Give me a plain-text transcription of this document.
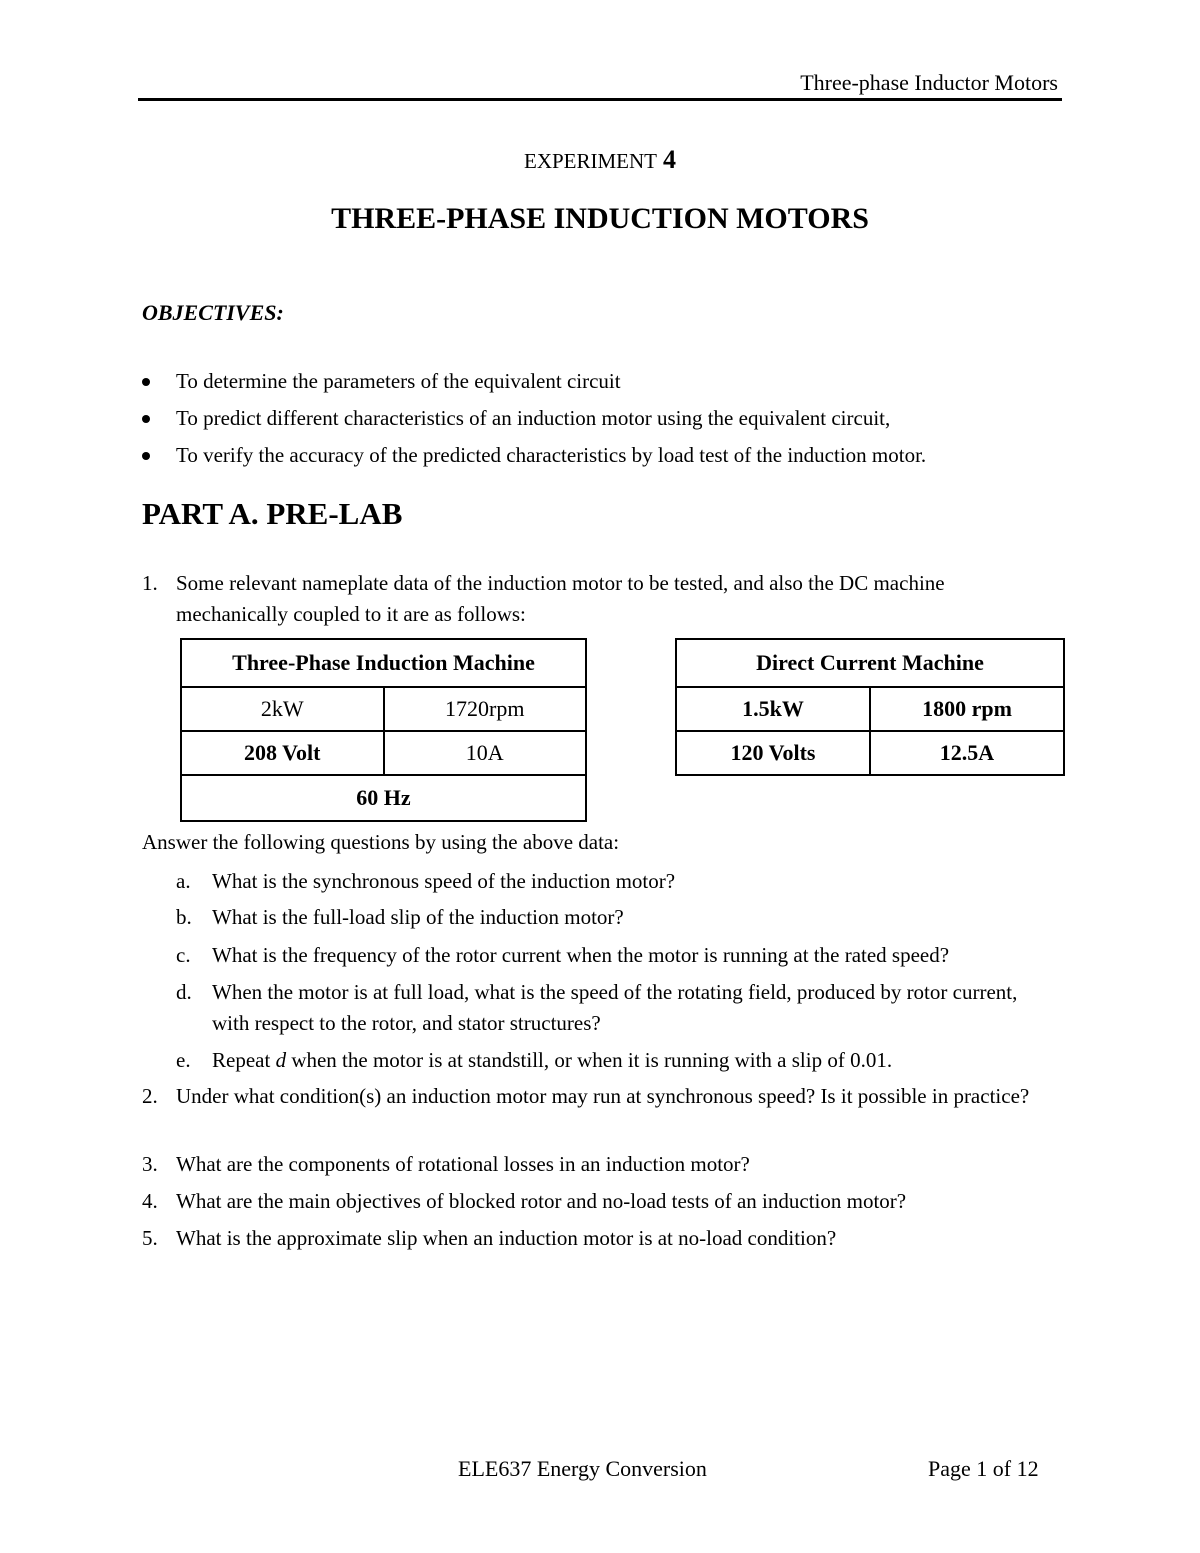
Three-phase Inductor Motors
EXPERIMENT 4
THREE-PHASE INDUCTION MOTORS
OBJECTIVES:
To determine the parameters of the equivalent circuit
To predict different characteristics of an induction motor using the equivalent circuit,
To verify the accuracy of the predicted characteristics by load test of the induction motor.
PART A. PRE-LAB
1. Some relevant nameplate data of the induction motor to be tested, and also the DC machine mechanically coupled to it are as follows:
Three-Phase Induction Machine	
2kW	1720rpm
208 Volt	10A
60 Hz	
Direct Current Machine	
1.5kW	1800 rpm
120 Volts	12.5A
Answer the following questions by using the above data:
a. What is the synchronous speed of the induction motor?
b. What is the full-load slip of the induction motor?
c. What is the frequency of the rotor current when the motor is running at the rated speed?
d. When the motor is at full load, what is the speed of the rotating field, produced by rotor current, with respect to the rotor, and stator structures?
e. Repeat d when the motor is at standstill, or when it is running with a slip of 0.01.
2. Under what condition(s) an induction motor may run at synchronous speed? Is it possible in practice?
3. What are the components of rotational losses in an induction motor?
4. What are the main objectives of blocked rotor and no-load tests of an induction motor?
5. What is the approximate slip when an induction motor is at no-load condition?
ELE637 Energy Conversion	Page 1 of 12
